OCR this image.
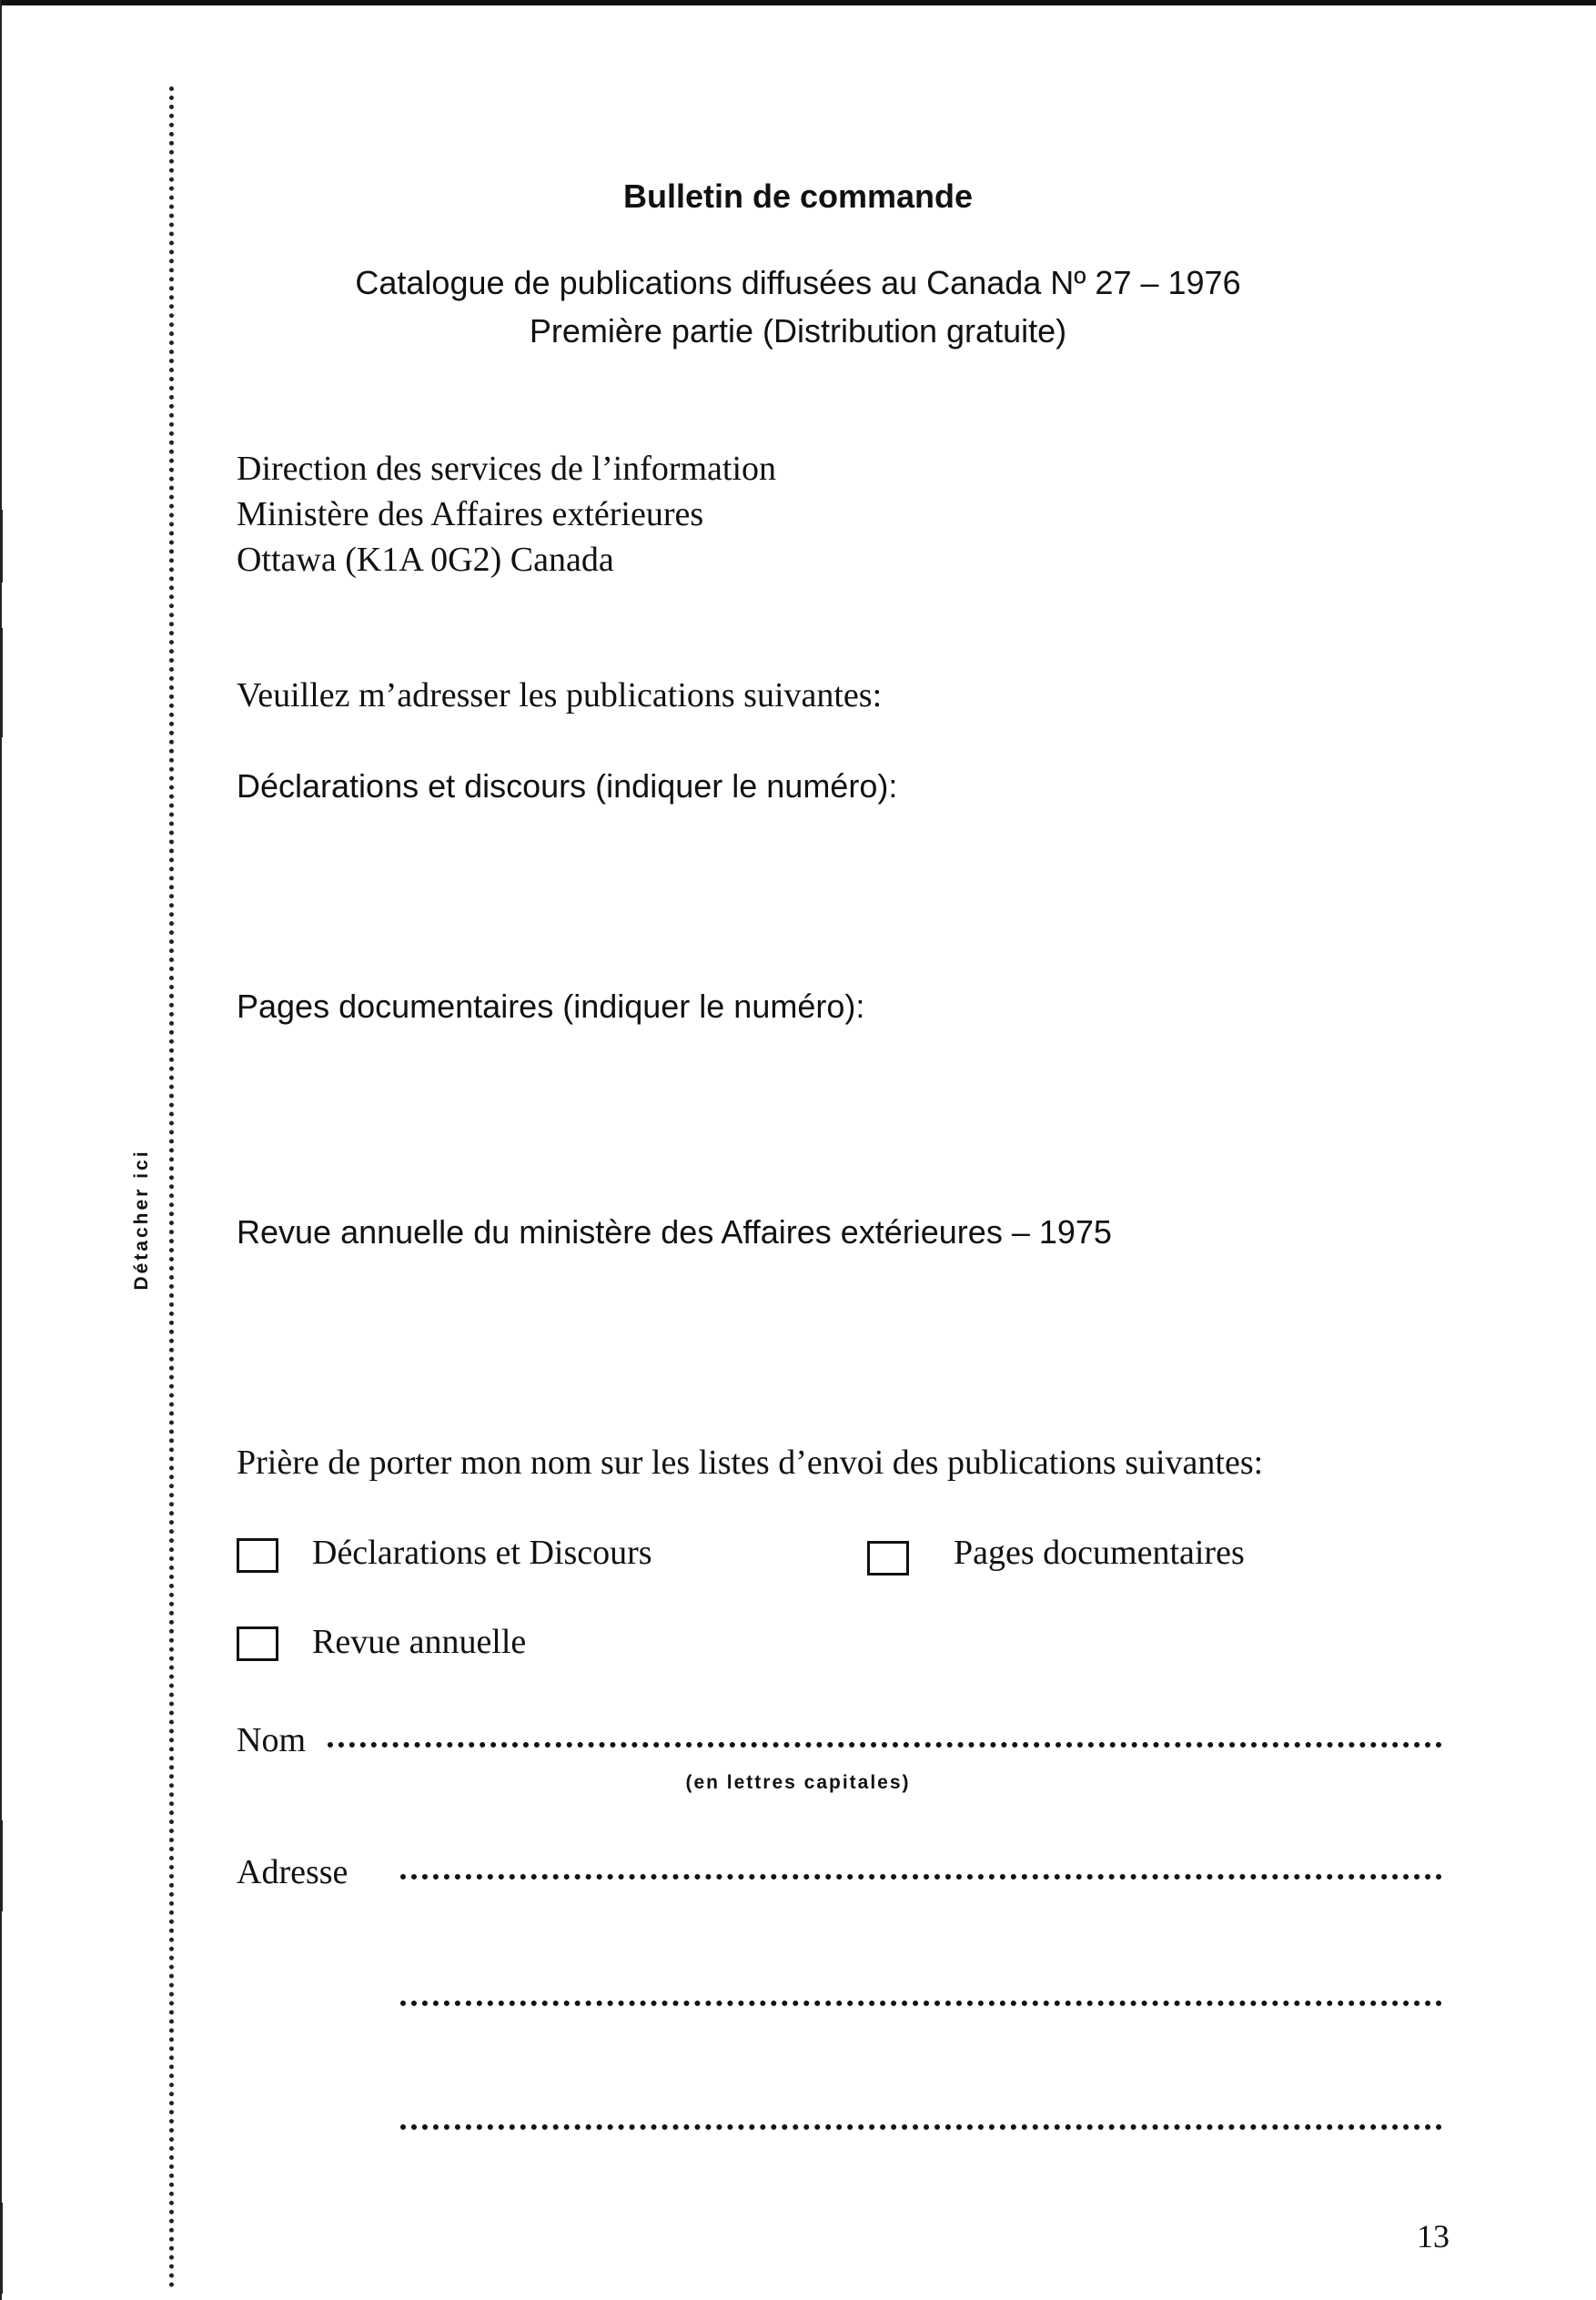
Détacher ici
Bulletin de commande
Catalogue de publications diffusées au Canada Nº 27 – 1976
Première partie (Distribution gratuite)
Direction des services de l’information
Ministère des Affaires extérieures
Ottawa (K1A 0G2) Canada
Veuillez m’adresser les publications suivantes:
Déclarations et discours (indiquer le numéro):
Pages documentaires (indiquer le numéro):
Revue annuelle du ministère des Affaires extérieures – 1975
Prière de porter mon nom sur les listes d’envoi des publications suivantes:
Déclarations et Discours	Pages documentaires
Revue annuelle
Nom
(en lettres capitales)
Adresse
13
